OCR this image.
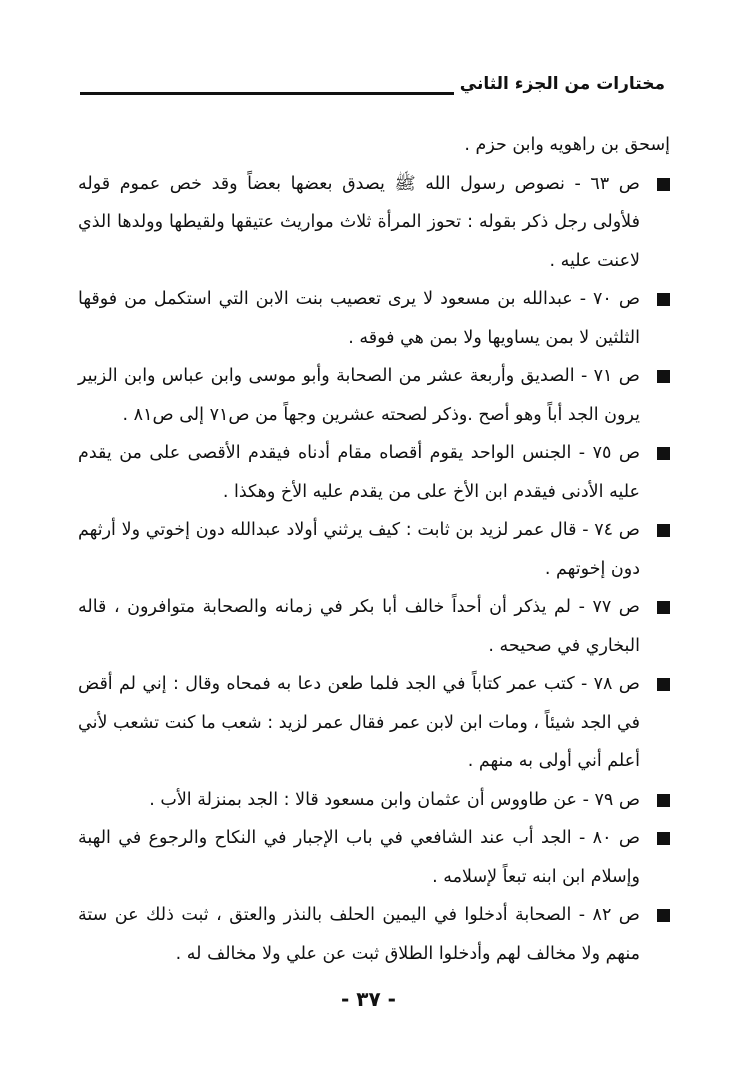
مختارات من الجزء الثاني

إسحق بن راهويه وابن حزم .

ص ٦٣ - نصوص رسول الله ﷺ يصدق بعضها بعضاً وقد خص عموم قوله فلأولى رجل ذكر بقوله : تحوز المرأة ثلاث مواريث عتيقها ولقيطها وولدها الذي لاعنت عليه .
ص ٧٠ - عبدالله بن مسعود لا يرى تعصيب بنت الابن التي استكمل من فوقها الثلثين لا بمن يساويها ولا بمن هي فوقه .
ص ٧١ - الصديق وأربعة عشر من الصحابة وأبو موسى وابن عباس وابن الزبير يرون الجد أباً وهو أصح .وذكر لصحته عشرين وجهاً من ص٧١ إلى ص٨١ .
ص ٧٥ - الجنس الواحد يقوم أقصاه مقام أدناه فيقدم الأقصى على من يقدم عليه الأدنى فيقدم ابن الأخ على من يقدم عليه الأخ وهكذا .
ص ٧٤ - قال عمر لزيد بن ثابت : كيف يرثني أولاد عبدالله دون إخوتي ولا أرثهم دون إخوتهم .
ص ٧٧ - لم يذكر أن أحداً خالف أبا بكر في زمانه والصحابة متوافرون ، قاله البخاري في صحيحه .
ص ٧٨ - كتب عمر كتاباً في الجد فلما طعن دعا به فمحاه وقال : إني لم أقض في الجد شيئاً ، ومات ابن لابن عمر فقال عمر لزيد : شعب ما كنت تشعب لأني أعلم أني أولى به منهم .
ص ٧٩ - عن طاووس أن عثمان وابن مسعود قالا : الجد بمنزلة الأب .
ص ٨٠ - الجد أب عند الشافعي في باب الإجبار في النكاح والرجوع في الهبة وإسلام ابن ابنه تبعاً لإسلامه .
ص ٨٢ - الصحابة أدخلوا في اليمين الحلف بالنذر والعتق ، ثبت ذلك عن ستة منهم ولا مخالف لهم وأدخلوا الطلاق ثبت عن علي ولا مخالف له .
- ٣٧ -
